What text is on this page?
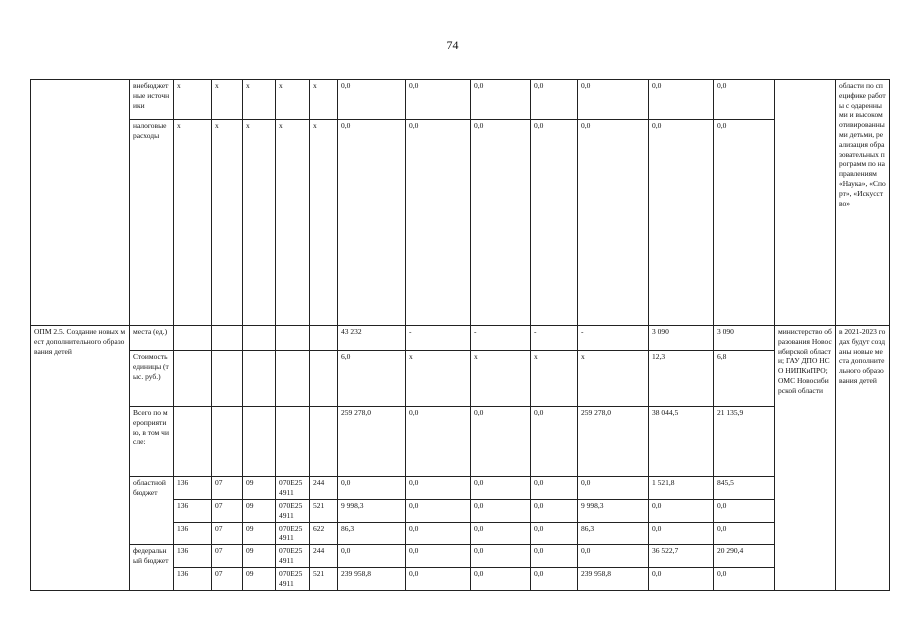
74
	внебюджетные источники	х	х	х	х	х	0,0	0,0	0,0	0,0	0,0	0,0	0,0		области по специфике работы с одаренными и высокомотивированными детьми, реализация образовательных программ по направлениям «Наука», «Спорт», «Искусство»
	налоговые расходы	х	х	х	х	х	0,0	0,0	0,0	0,0	0,0	0,0	0,0		
ОПМ 2.5. Создание новых мест дополнительного образования детей	места (ед.)						43 232	-	-	-	-	3 090	3 090	министерство образования Новосибирской области; ГАУ ДПО НСО НИПКиПРО; ОМС Новосибирской области	в 2021-2023 годах будут созданы новые места дополнительного образования детей
	Стоимость единицы (тыс. руб.)						6,0	х	х	х	х	12,3	6,8		
	Всего по мероприятию, в том числе:						259 278,0	0,0	0,0	0,0	259 278,0	38 044,5	21 135,9		
	областной бюджет	136	07	09	070Е254911	244	0,0	0,0	0,0	0,0	0,0	1 521,8	845,5		
		136	07	09	070Е254911	521	9 998,3	0,0	0,0	0,0	9 998,3	0,0	0,0		
		136	07	09	070Е254911	622	86,3	0,0	0,0	0,0	86,3	0,0	0,0		
	федеральный бюджет	136	07	09	070Е254911	244	0,0	0,0	0,0	0,0	0,0	36 522,7	20 290,4		
		136	07	09	070Е254911	521	239 958,8	0,0	0,0	0,0	239 958,8	0,0	0,0		
